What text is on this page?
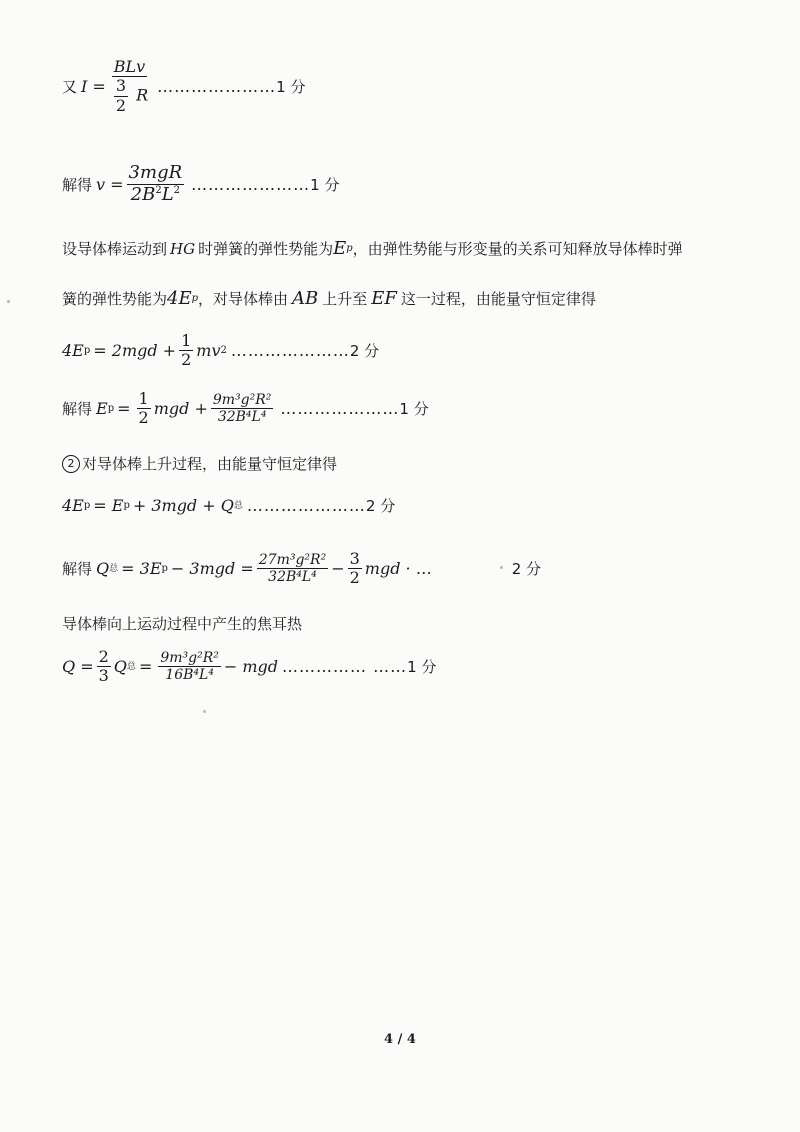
又 $I = \frac{\text{BLv}}{\frac{3}{2} R}$ ………………… 1 分
解得 $v = \frac{\text{3mgR}}{2B^2L^2}$ ………………… 1 分
设导体棒运动到 HG 时弹簧的弹性势能为 E p ，由弹性势能与形变量的关系可知释放导体棒时弹
簧的弹性势能为 4E p ，对导体棒由 AB 上升至 EF 这一过程，由能量守恒定律得
4E $p = 2mgd + \frac{1}{2}$ mv 2 ………………… 2 分
解得 E $p = \frac{1}{2}$ mgd + $\frac{\text{9m³g²R²}}{\text{32B⁴L⁴}}$ ………………… 1 分
2 对导体棒上升过程，由能量守恒定律得
4E p = E p + 3mgd + Q 总 ………………… 2 分
解得 Q 总 = 3E $p - 3mgd = \frac{\text{27m³g²R²}}{\text{32B⁴L⁴}} - \frac{3}{2}$ mgd · …	2 分
导体棒向上运动过程中产生的焦耳热
$Q = \frac{2}{3}$ Q 总 = $\frac{\text{9m³g²R²}}{\text{16B⁴L⁴}}$ − mgd …………… …… 1 分
4 / 4
